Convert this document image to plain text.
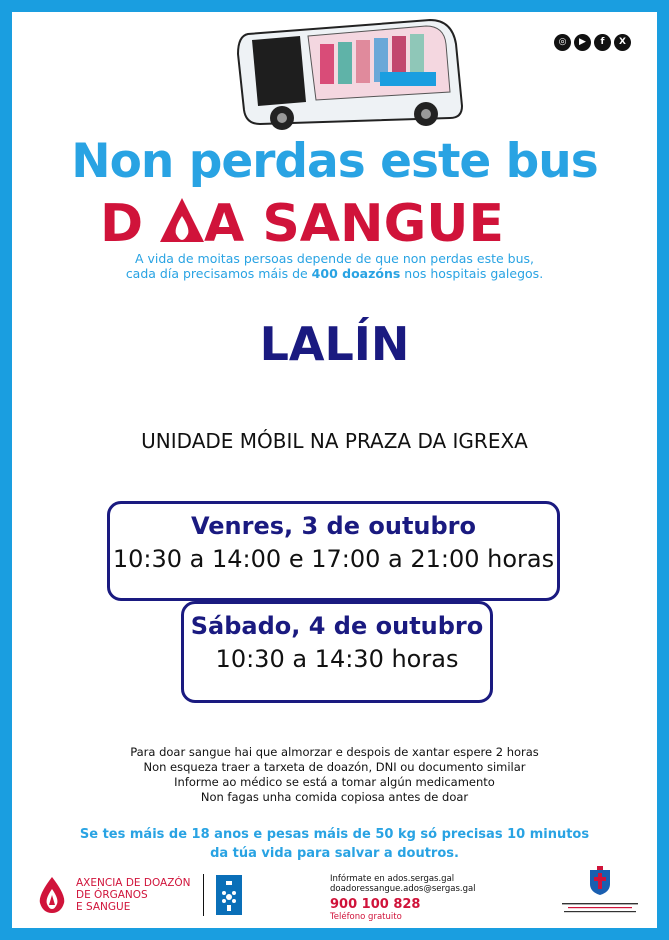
◎	▶	f	X
Non perdas este bus
D A SANGUE
A vida de moitas persoas depende de que non perdas este bus,
cada día precisamos máis de 400 doazóns nos hospitais galegos.
LALÍN
UNIDADE MÓBIL NA PRAZA DA IGREXA
Venres, 3 de outubro
10:30 a 14:00 e 17:00 a 21:00 horas
Sábado, 4 de outubro
10:30 a 14:30 horas
Para doar sangue hai que almorzar e despois de xantar espere 2 horas
Non esqueza traer a tarxeta de doazón, DNI ou documento similar
Informe ao médico se está a tomar algún medicamento
Non fagas unha comida copiosa antes de doar
Se tes máis de 18 anos e pesas máis de 50 kg só precisas 10 minutos
da túa vida para salvar a doutros.
AXENCIA DE DOAZÓN
DE ÓRGANOS
E SANGUE
Infórmate en ados.sergas.gal
doadoressangue.ados@sergas.gal
900 100 828
Teléfono gratuito
